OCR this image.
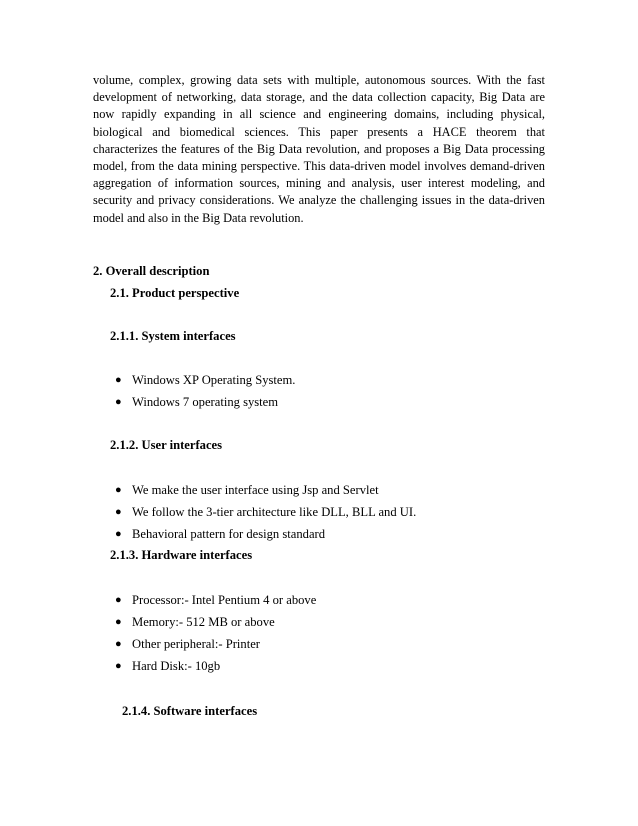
volume, complex, growing data sets with multiple, autonomous sources. With the fast development of networking, data storage, and the data collection capacity, Big Data are now rapidly expanding in all science and engineering domains, including physical, biological and biomedical sciences. This paper presents a HACE theorem that characterizes the features of the Big Data revolution, and proposes a Big Data processing model, from the data mining perspective. This data-driven model involves demand-driven aggregation of information sources, mining and analysis, user interest modeling, and security and privacy considerations. We analyze the challenging issues in the data-driven model and also in the Big Data revolution.

2. Overall description
2.1. Product perspective
2.1.1. System interfaces
● Windows XP Operating System.
● Windows 7 operating system
2.1.2. User interfaces
● We make the user interface using Jsp and Servlet
● We follow the 3-tier architecture like DLL, BLL and UI.
● Behavioral pattern for design standard
2.1.3. Hardware interfaces
● Processor:- Intel Pentium 4 or above
● Memory:- 512 MB or above
● Other peripheral:- Printer
● Hard Disk:- 10gb
2.1.4. Software interfaces
